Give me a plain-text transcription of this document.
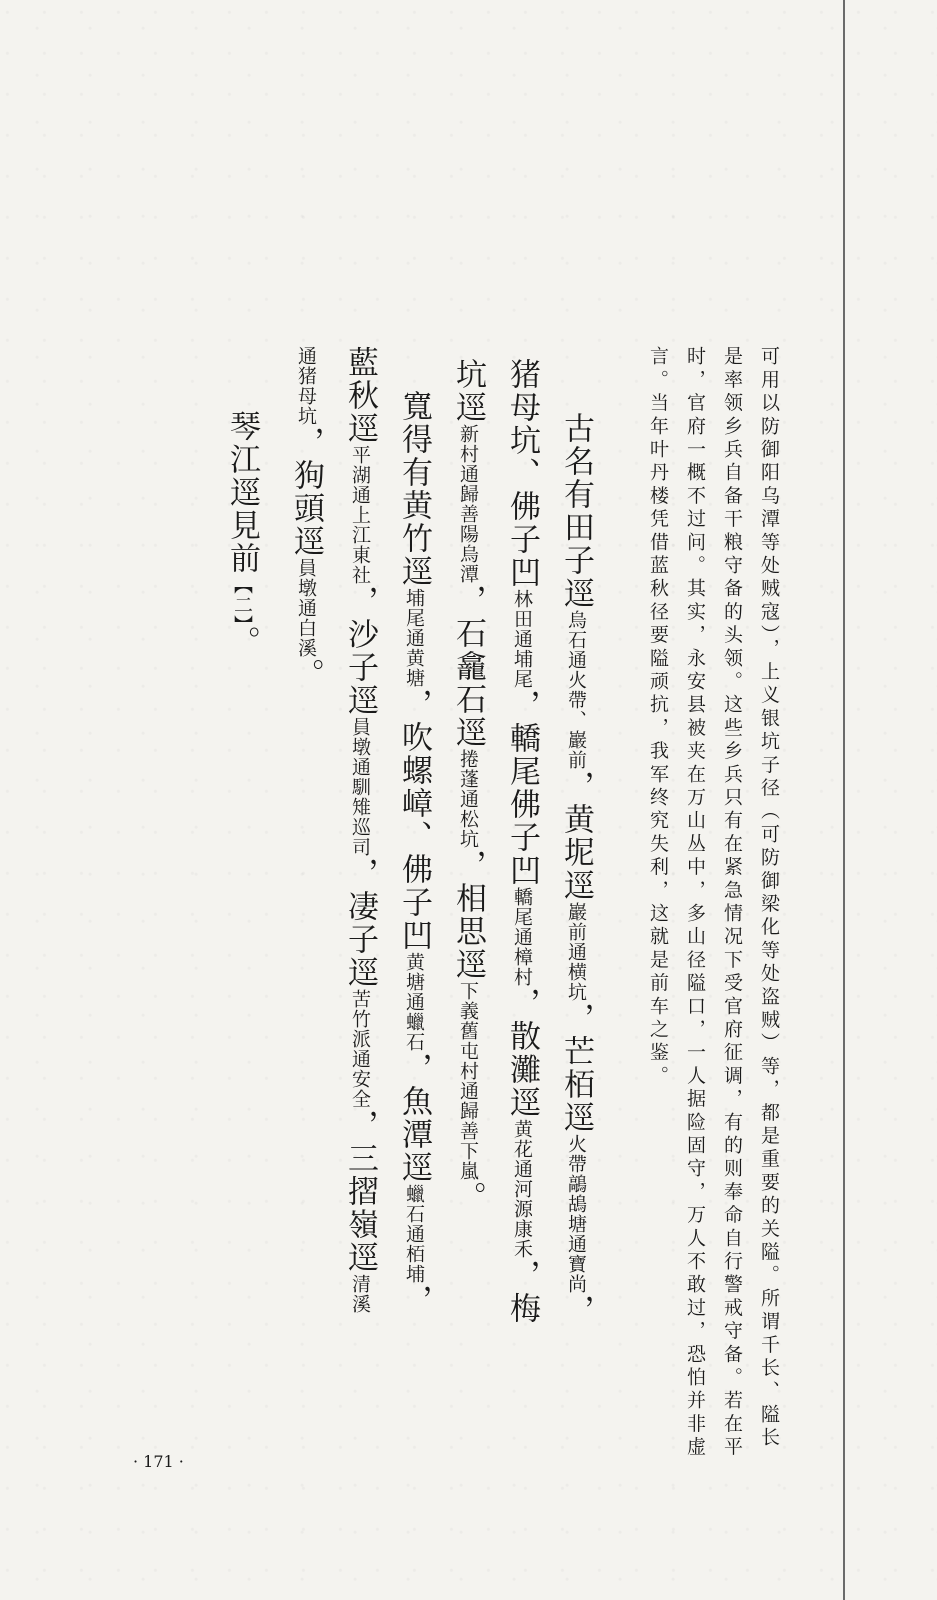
可用以防御阳乌潭等处贼寇），上义银坑子径（可防御梁化等处盗贼）等，都是重要的关隘。所谓千长、隘长
是率领乡兵自备干粮守备的头领。这些乡兵只有在紧急情况下受官府征调，有的则奉命自行警戒守备。若在平
时，官府一概不过问。其实，永安县被夹在万山丛中，多山径隘口，一人据险固守，万人不敢过，恐怕并非虚
言。当年叶丹楼凭借蓝秋径要隘顽抗，我军终究失利，这就是前车之鉴。
古名有田子逕烏石通火帶、巖前，黄坭逕巖前通横坑，芒栢逕火帶鶮鴣塘通寶尚，
猪母坑、佛子凹林田通埔尾，轎尾佛子凹轎尾通樟村，散灘逕黄花通河源康禾，梅
坑逕新村通歸善陽烏潭，石龕石逕捲蓬通松坑，相思逕下義舊屯村通歸善下嵐。
寬得有黄竹逕埔尾通黄塘，吹螺嶂、佛子凹黄塘通蠟石，魚潭逕蠟石通栢埔，
藍秋逕平湖通上江東社，沙子逕員墩通馴雉巡司，凄子逕苦竹派通安全，三摺嶺逕清溪
通猪母坑，狗頭逕員墩通白溪。
琴江逕見前【二】。
· 171 ·
